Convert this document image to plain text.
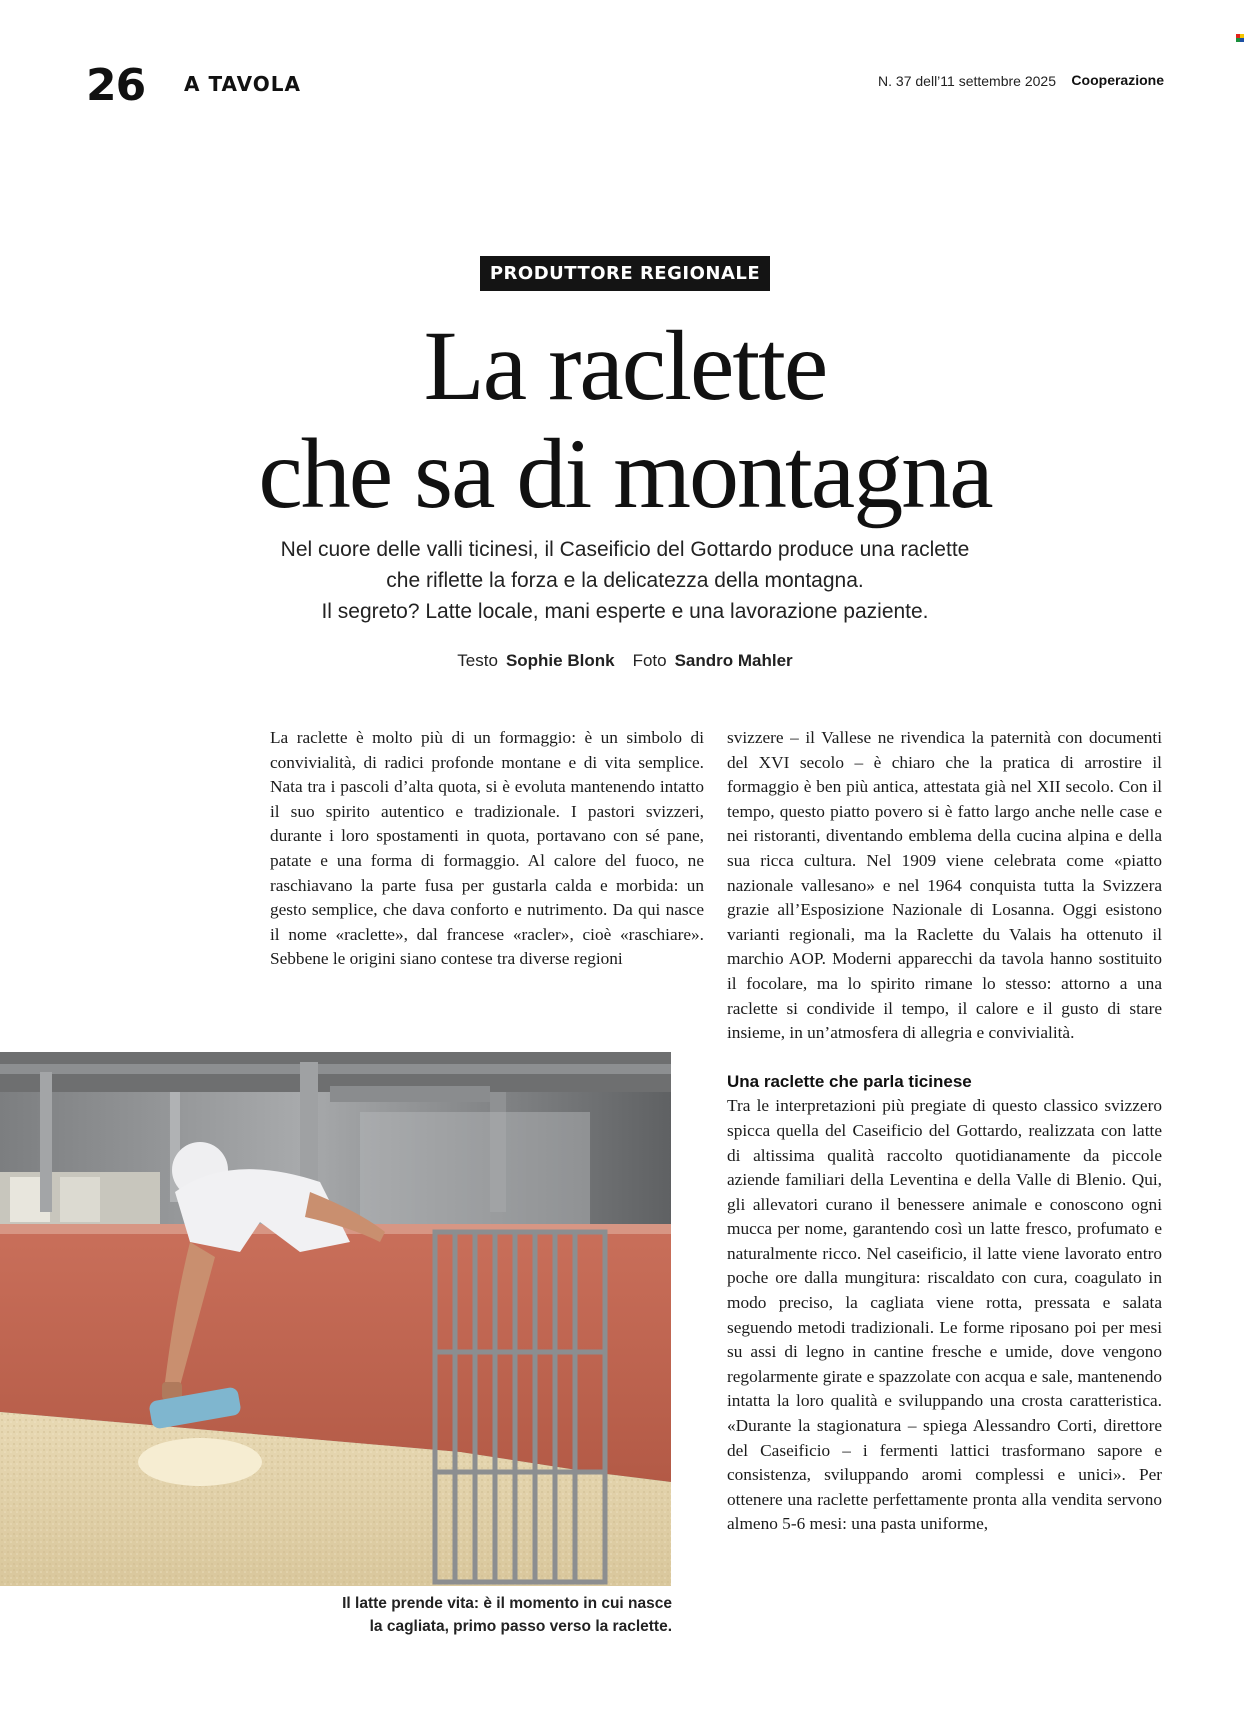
26 A TAVOLA	N. 37 dell’11 settembre 2025 Cooperazione
PRODUTTORE REGIONALE
La raclette
che sa di montagna
Nel cuore delle valli ticinesi, il Caseificio del Gottardo produce una raclette
che riflette la forza e la delicatezza della montagna.
Il segreto? Latte locale, mani esperte e una lavorazione paziente.
Testo Sophie Blonk Foto Sandro Mahler

La raclette è molto più di un formaggio: è un simbolo di convivialità, di radici profonde montane e di vita semplice. Nata tra i pascoli d’alta quota, si è evoluta mantenendo intatto il suo spirito autentico e tradizionale. I pastori svizzeri, durante i loro spostamenti in quota, portavano con sé pane, patate e una forma di formaggio. Al calore del fuoco, ne raschiavano la parte fusa per gustarla calda e morbida: un gesto semplice, che dava conforto e nutrimento. Da qui nasce il nome «raclette», dal francese «racler», cioè «raschiare». Sebbene le origini siano contese tra diverse regioni

svizzere – il Vallese ne rivendica la paternità con documenti del XVI secolo – è chiaro che la pratica di arrostire il formaggio è ben più antica, attestata già nel XII secolo. Con il tempo, questo piatto povero si è fatto largo anche nelle case e nei ristoranti, diventando emblema della cucina alpina e della sua ricca cultura. Nel 1909 viene celebrata come «piatto nazionale vallesano» e nel 1964 conquista tutta la Svizzera grazie all’Esposizione Nazionale di Losanna. Oggi esistono varianti regionali, ma la Raclette du Valais ha ottenuto il marchio AOP. Moderni apparecchi da tavola hanno sostituito il focolare, ma lo spirito rimane lo stesso: attorno a una raclette si condivide il tempo, il calore e il gusto di stare insieme, in un’atmosfera di allegria e convivialità.

Una raclette che parla ticinese

Tra le interpretazioni più pregiate di questo classico svizzero spicca quella del Caseificio del Gottardo, realizzata con latte di altissima qualità raccolto quotidianamente da piccole aziende familiari della Leventina e della Valle di Blenio. Qui, gli allevatori curano il benessere animale e conoscono ogni mucca per nome, garantendo così un latte fresco, profumato e naturalmente ricco. Nel caseificio, il latte viene lavorato entro poche ore dalla mungitura: riscaldato con cura, coagulato in modo preciso, la cagliata viene rotta, pressata e salata seguendo metodi tradizionali. Le forme riposano poi per mesi su assi di legno in cantine fresche e umide, dove vengono regolarmente girate e spazzolate con acqua e sale, mantenendo intatta la loro qualità e sviluppando una crosta caratteristica. «Durante la stagionatura – spiega Alessandro Corti, direttore del Caseificio – i fermenti lattici trasformano sapore e consistenza, sviluppando aromi complessi e unici». Per ottenere una raclette perfettamente pronta alla vendita servono almeno 5-6 mesi: una pasta uniforme,

Il latte prende vita: è il momento in cui nasce
la cagliata, primo passo verso la raclette.
